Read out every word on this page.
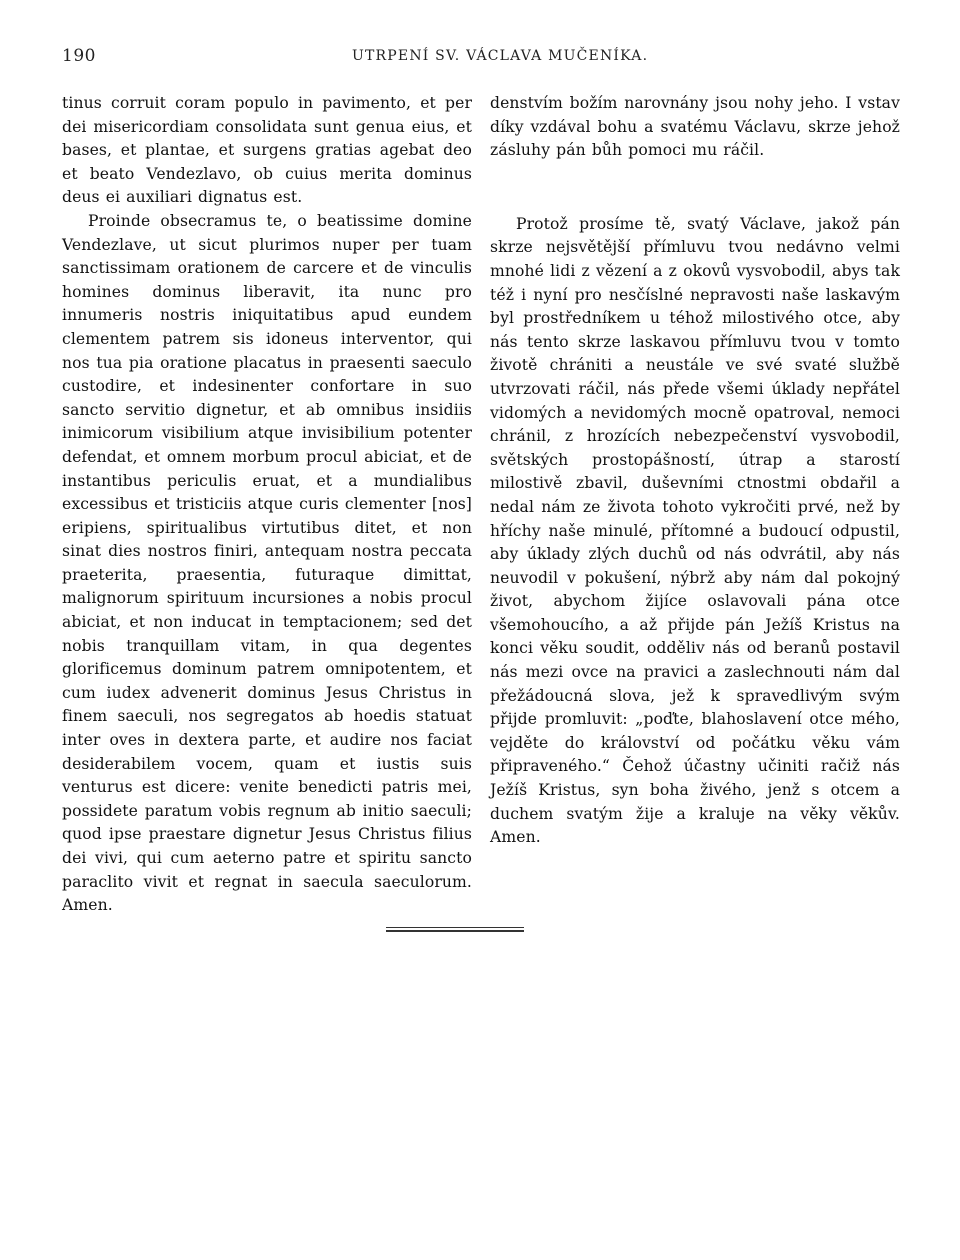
190	UTRPENÍ SV. VÁCLAVA MUČENÍKA.

tinus corruit coram populo in pavimento, et per dei misericordiam consolidata sunt genua eius, et bases, et plantae, et surgens gratias agebat deo et beato Vendezlavo, ob cuius merita dominus deus ei auxiliari dignatus est.

Proinde obsecramus te, o beatissime domine Vendezlave, ut sicut plurimos nuper per tuam sanctissimam orationem de carcere et de vinculis homines dominus liberavit, ita nunc pro innumeris nostris iniquitatibus apud eundem clementem patrem sis idoneus interventor, qui nos tua pia oratione placatus in praesenti saeculo custodire, et indesinenter confortare in suo sancto servitio dignetur, et ab omnibus insidiis inimicorum visibilium atque invisibilium potenter defendat, et omnem morbum procul abiciat, et de instantibus periculis eruat, et a mundialibus excessibus et tristiciis atque curis clementer [nos] eripiens, spiritualibus virtutibus ditet, et non sinat dies nostros finiri, antequam nostra peccata praeterita, praesentia, futuraque dimittat, malignorum spirituum incursiones a nobis procul abiciat, et non inducat in temptacionem; sed det nobis tranquillam vitam, in qua degentes glorificemus dominum patrem omnipotentem, et cum iudex advenerit dominus Jesus Christus in finem saeculi, nos segregatos ab hoedis statuat inter oves in dextera parte, et audire nos faciat desiderabilem vocem, quam et iustis suis venturus est dicere: venite benedicti patris mei, possidete paratum vobis regnum ab initio saeculi; quod ipse praestare dignetur Jesus Christus filius dei vivi, qui cum aeterno patre et spiritu sancto paraclito vivit et regnat in saecula saeculorum. Amen.

denstvím božím narovnány jsou nohy jeho. I vstav díky vzdával bohu a svatému Václavu, skrze jehož zásluhy pán bůh pomoci mu ráčil.

Protož prosíme tě, svatý Václave, jakož pán skrze nejsvětější přímluvu tvou nedávno velmi mnohé lidi z vězení a z okovů vysvobodil, abys tak též i nyní pro nesčíslné nepravosti naše laskavým byl prostředníkem u téhož milostivého otce, aby nás tento skrze laskavou přímluvu tvou v tomto životě chrániti a neustále ve své svaté službě utvrzovati ráčil, nás přede všemi úklady nepřátel vidomých a nevidomých mocně opatroval, nemoci chránil, z hrozících nebezpečenství vysvobodil, světských prostopášností, útrap a starostí milostivě zbavil, duševními ctnostmi obdařil a nedal nám ze života tohoto vykročiti prvé, než by hříchy naše minulé, přítomné a budoucí odpustil, aby úklady zlých duchů od nás odvrátil, aby nás neuvodil v pokušení, nýbrž aby nám dal pokojný život, abychom žijíce oslavovali pána otce všemohoucího, a až přijde pán Ježíš Kristus na konci věku soudit, odděliv nás od beranů postavil nás mezi ovce na pravici a zaslechnouti nám dal přežádoucná slova, jež k spravedlivým svým přijde promluvit: „poďte, blahoslavení otce mého, vejděte do království od počátku věku vám připraveného.“ Čehož účastny učiniti račiž nás Ježíš Kristus, syn boha živého, jenž s otcem a duchem svatým žije a kraluje na věky věkův. Amen.
